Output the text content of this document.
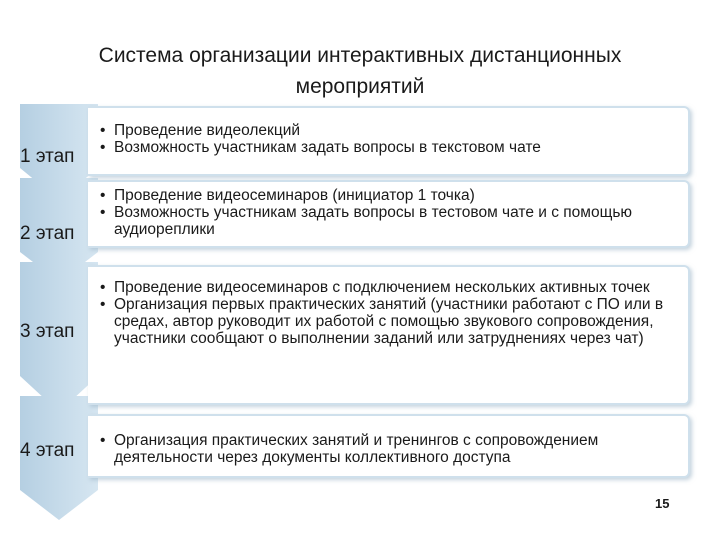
Система организации интерактивных дистанционных мероприятий
• Проведение видеолекций
• Возможность участникам задать вопросы в текстовом чате
1 этап
• Проведение видеосеминаров (инициатор 1 точка)
• Возможность участникам задать вопросы в тестовом чате и с помощью аудиореплики
2 этап
• Проведение видеосеминаров с подключением нескольких активных точек
• Организация первых практических занятий (участники работают с ПО или в средах, автор руководит их работой с помощью звукового сопровождения, участники сообщают о выполнении заданий или затруднениях через чат)
3 этап
• Организация практических занятий и тренингов с сопровождением деятельности через документы коллективного доступа
4 этап
15
